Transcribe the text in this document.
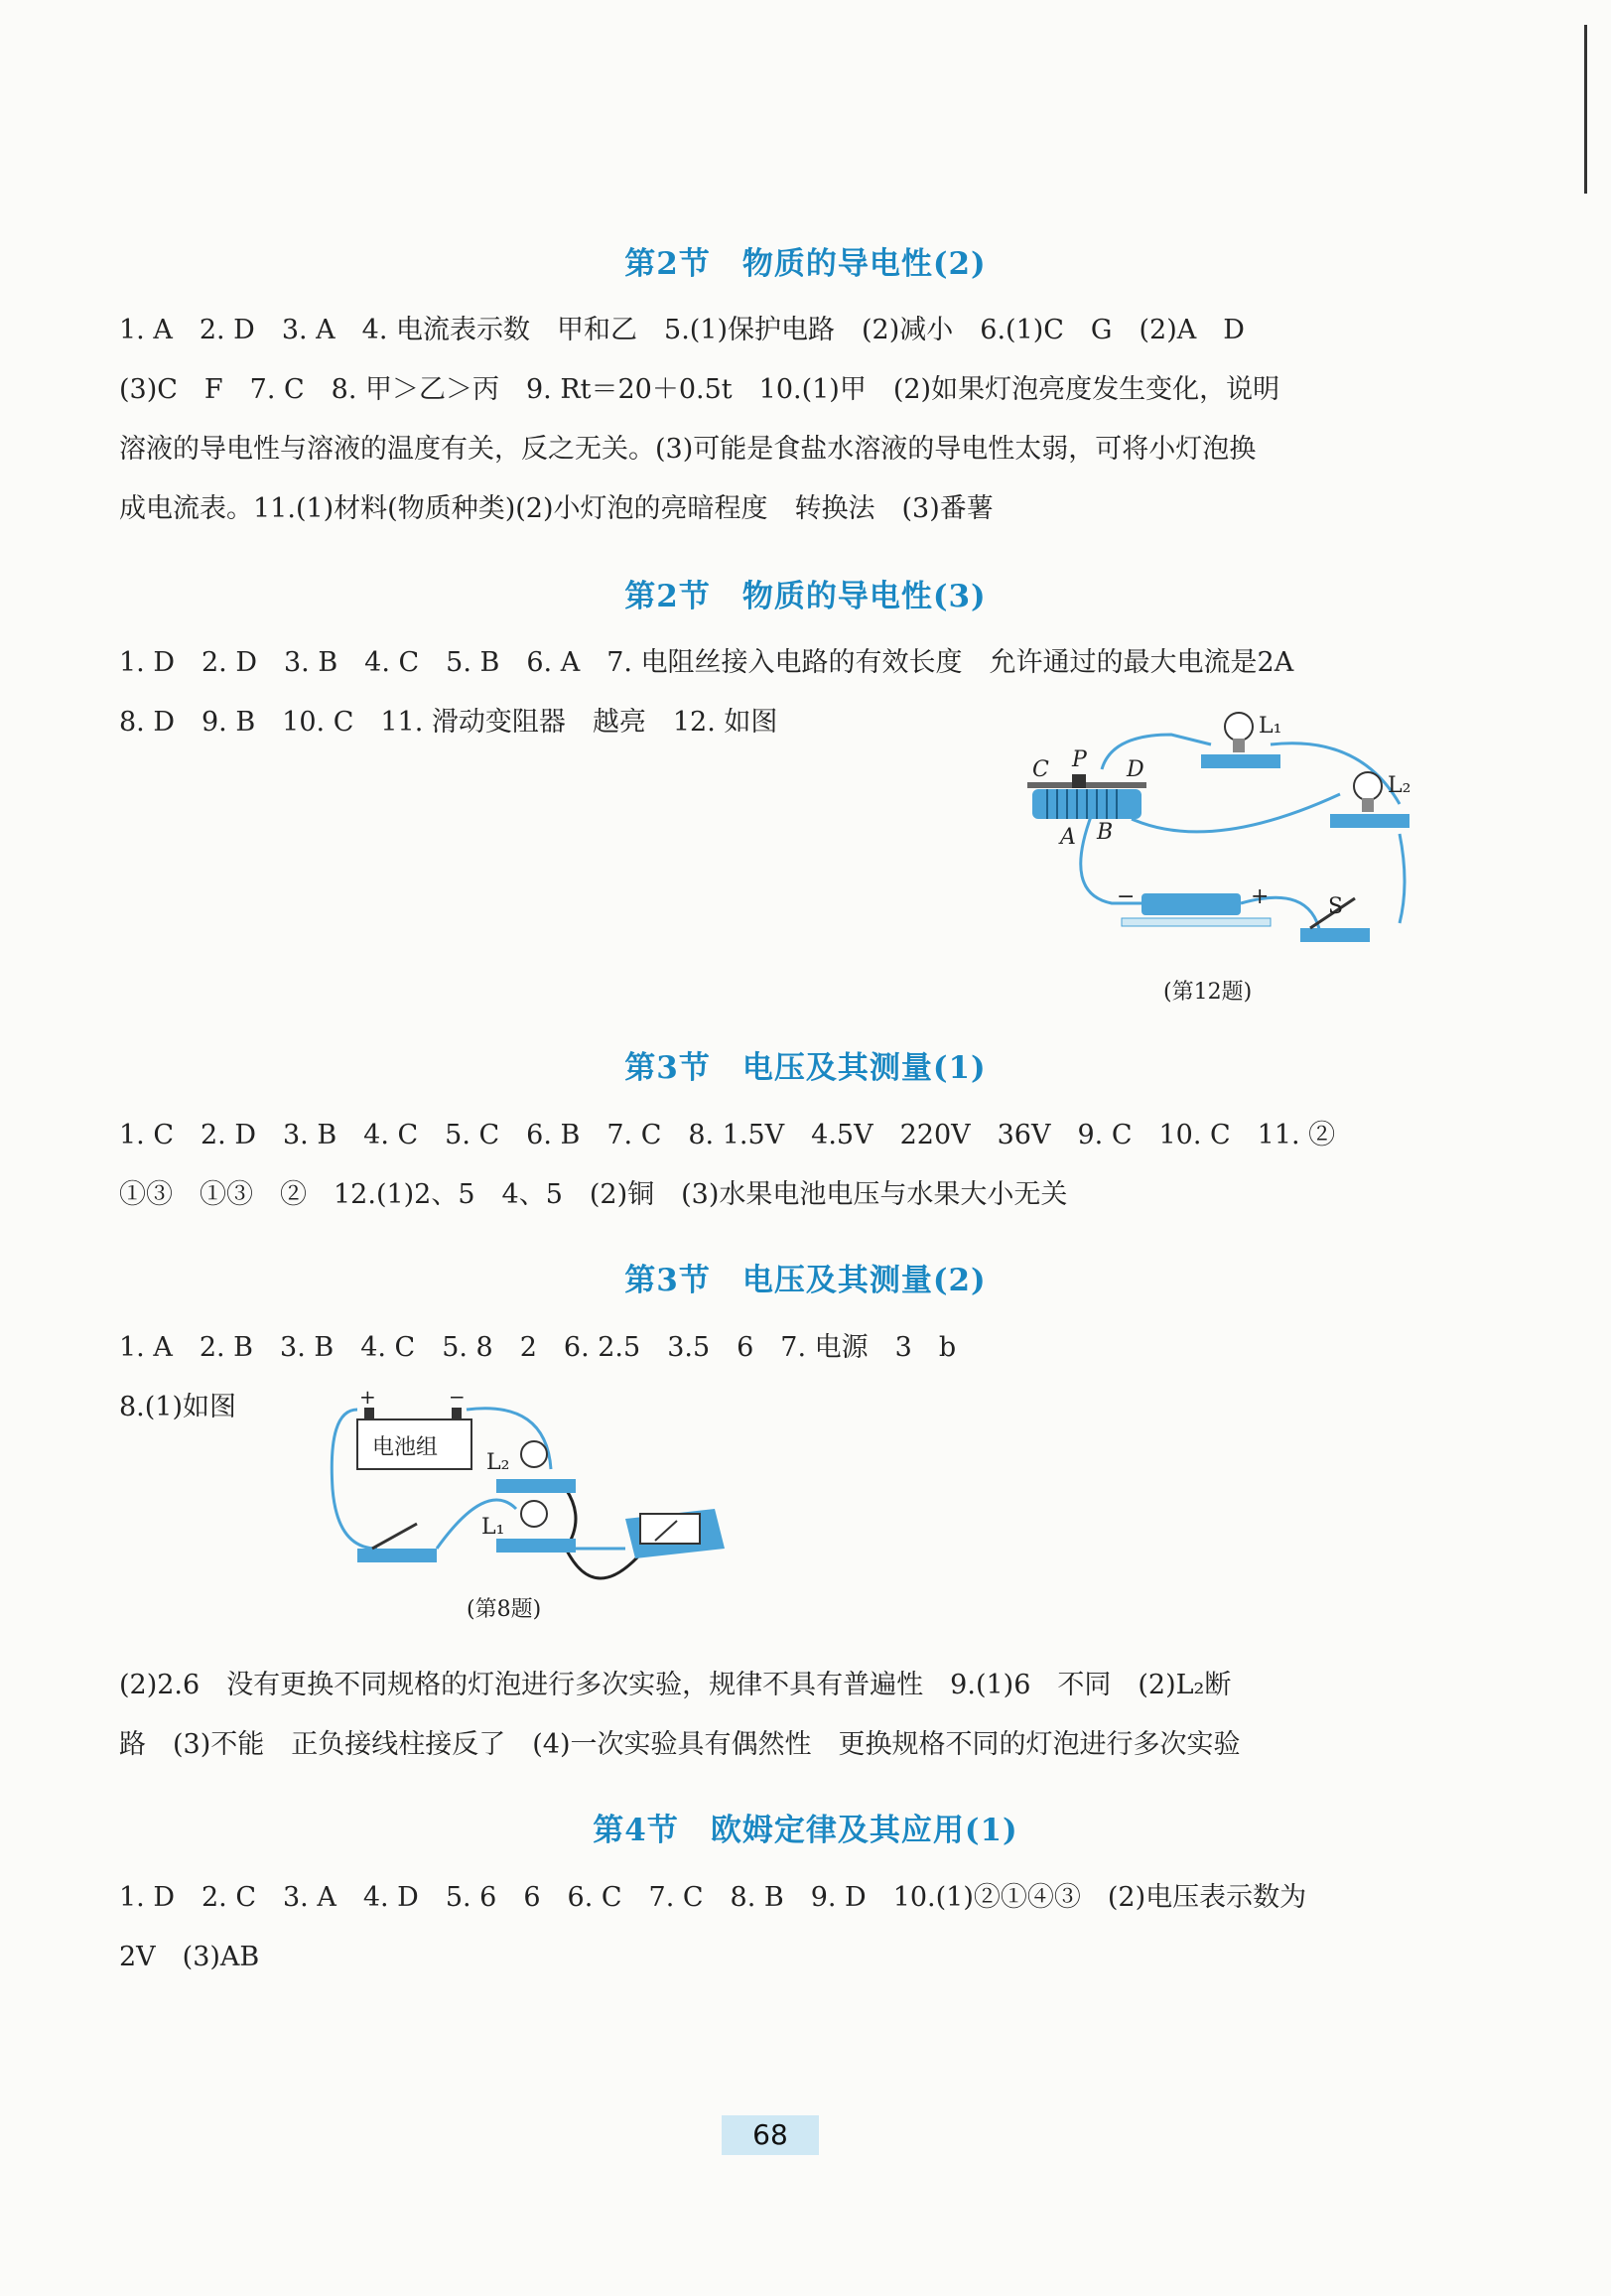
第2节　物质的导电性(2)
1. A　2. D　3. A　4. 电流表示数　甲和乙　5.(1)保护电路　(2)减小　6.(1)C　G　(2)A　D
(3)C　F　7. C　8. 甲＞乙＞丙　9. Rt＝20＋0.5t　10.(1)甲　(2)如果灯泡亮度发生变化，说明
溶液的导电性与溶液的温度有关，反之无关。(3)可能是食盐水溶液的导电性太弱，可将小灯泡换
成电流表。11.(1)材料(物质种类)(2)小灯泡的亮暗程度　转换法　(3)番薯
第2节　物质的导电性(3)
1. D　2. D　3. B　4. C　5. B　6. A　7. 电阻丝接入电路的有效长度　允许通过的最大电流是2A
8. D　9. B　10. C　11. 滑动变阻器　越亮　12. 如图
C P D
A B
L₁
L₂
S
+
−
(第12题)
第3节　电压及其测量(1)
1. C　2. D　3. B　4. C　5. C　6. B　7. C　8. 1.5V　4.5V　220V　36V　9. C　10. C　11. ②
①③　①③　②　12.(1)2、5　4、5　(2)铜　(3)水果电池电压与水果大小无关
第3节　电压及其测量(2)
1. A　2. B　3. B　4. C　5. 8　2　6. 2.5　3.5　6　7. 电源　3　b
8.(1)如图
电池组
+	−
L₂
L₁
(第8题)
(2)2.6　没有更换不同规格的灯泡进行多次实验，规律不具有普遍性　9.(1)6　不同　(2)L₂断
路　(3)不能　正负接线柱接反了　(4)一次实验具有偶然性　更换规格不同的灯泡进行多次实验
第4节　欧姆定律及其应用(1)
1. D　2. C　3. A　4. D　5. 6　6　6. C　7. C　8. B　9. D　10.(1)②①④③　(2)电压表示数为
2V　(3)AB
68
